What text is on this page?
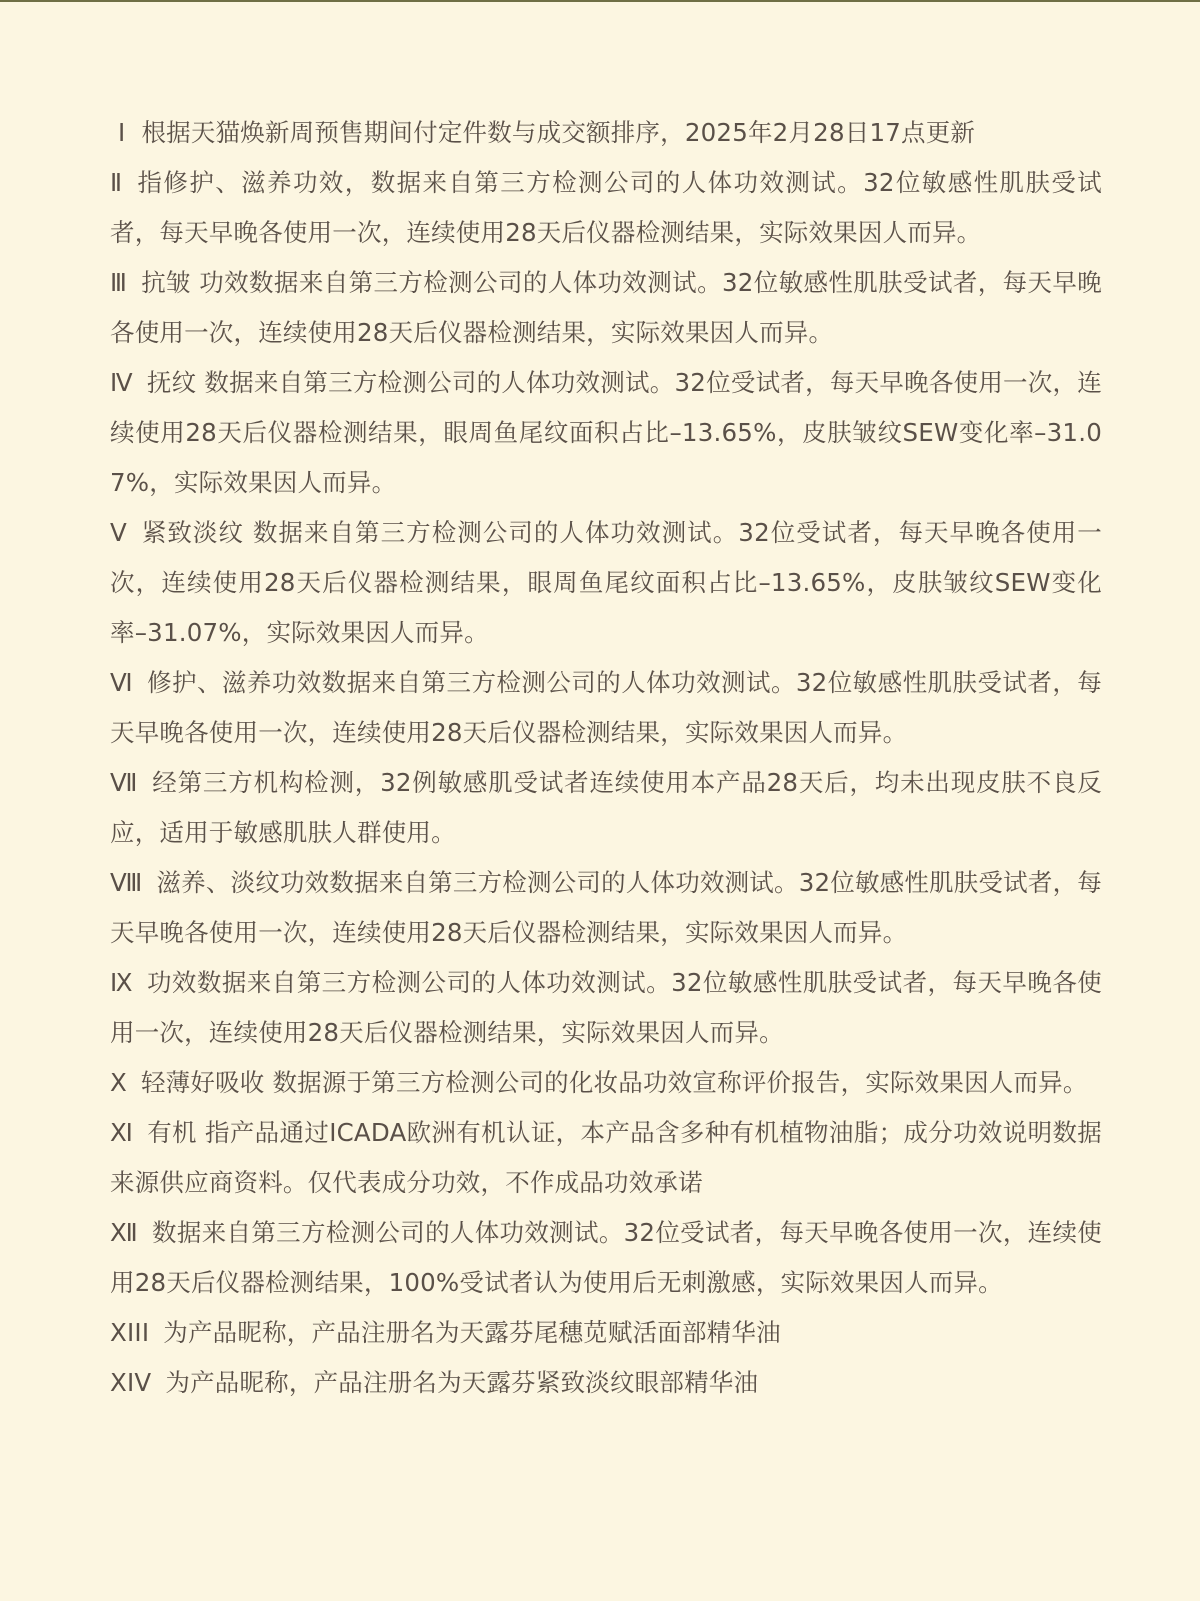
Ⅰ 根据天猫焕新周预售期间付定件数与成交额排序，2025年2月28日17点更新
Ⅱ 指修护、滋养功效，数据来自第三方检测公司的人体功效测试。32位敏感性肌肤受试者，每天早晚各使用一次，连续使用28天后仪器检测结果，实际效果因人而异。
Ⅲ 抗皱 功效数据来自第三方检测公司的人体功效测试。32位敏感性肌肤受试者，每天早晚各使用一次，连续使用28天后仪器检测结果，实际效果因人而异。
Ⅳ 抚纹 数据来自第三方检测公司的人体功效测试。32位受试者，每天早晚各使用一次，连续使用28天后仪器检测结果，眼周鱼尾纹面积占比–13.65%，皮肤皱纹SEW变化率–31.07%，实际效果因人而异。
Ⅴ 紧致淡纹 数据来自第三方检测公司的人体功效测试。32位受试者，每天早晚各使用一次，连续使用28天后仪器检测结果，眼周鱼尾纹面积占比–13.65%，皮肤皱纹SEW变化率–31.07%，实际效果因人而异。
Ⅵ 修护、滋养功效数据来自第三方检测公司的人体功效测试。32位敏感性肌肤受试者，每天早晚各使用一次，连续使用28天后仪器检测结果，实际效果因人而异。
Ⅶ 经第三方机构检测，32例敏感肌受试者连续使用本产品28天后，均未出现皮肤不良反应，适用于敏感肌肤人群使用。
Ⅷ 滋养、淡纹功效数据来自第三方检测公司的人体功效测试。32位敏感性肌肤受试者，每天早晚各使用一次，连续使用28天后仪器检测结果，实际效果因人而异。
Ⅸ 功效数据来自第三方检测公司的人体功效测试。32位敏感性肌肤受试者，每天早晚各使用一次，连续使用28天后仪器检测结果，实际效果因人而异。
Ⅹ 轻薄好吸收 数据源于第三方检测公司的化妆品功效宣称评价报告，实际效果因人而异。
Ⅺ 有机 指产品通过ICADA欧洲有机认证，本产品含多种有机植物油脂；成分功效说明数据来源供应商资料。仅代表成分功效，不作成品功效承诺
Ⅻ 数据来自第三方检测公司的人体功效测试。32位受试者，每天早晚各使用一次，连续使用28天后仪器检测结果，100%受试者认为使用后无刺激感，实际效果因人而异。
XIII 为产品昵称，产品注册名为天露芬尾穗苋赋活面部精华油
XIV 为产品昵称，产品注册名为天露芬紧致淡纹眼部精华油
